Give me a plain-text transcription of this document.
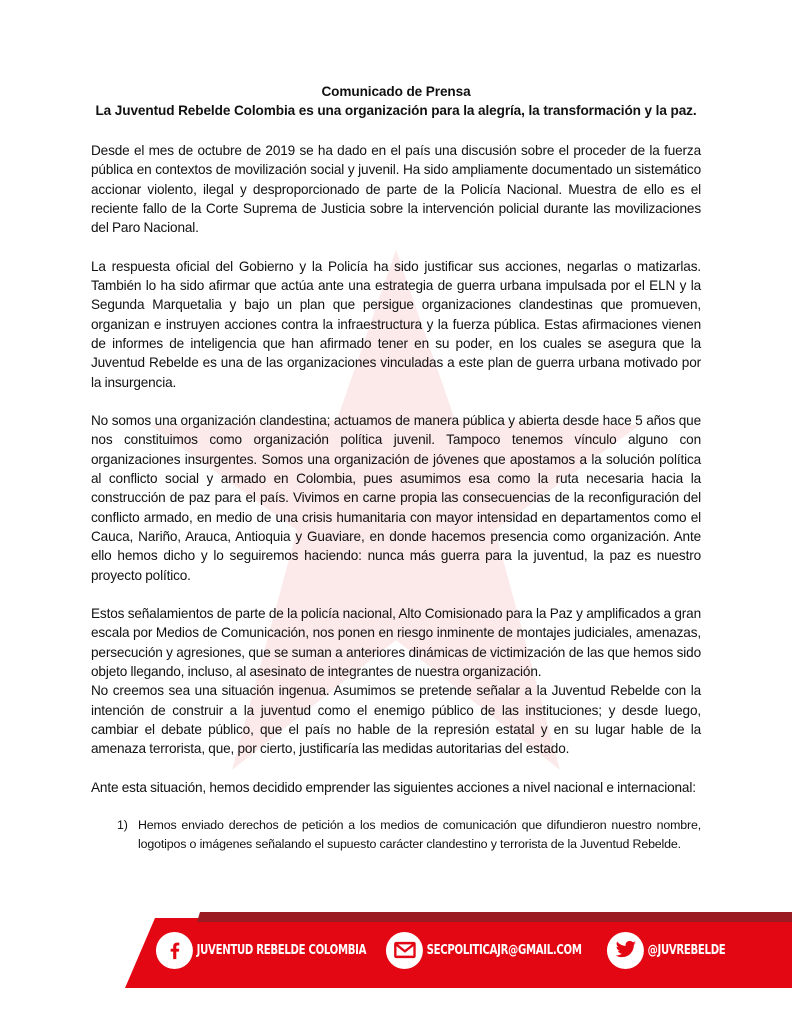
Comunicado de Prensa
La Juventud Rebelde Colombia es una organización para la alegría, la transformación y la paz.

Desde el mes de octubre de 2019 se ha dado en el país una discusión sobre el proceder de la fuerza pública en contextos de movilización social y juvenil. Ha sido ampliamente documentado un sistemático accionar violento, ilegal y desproporcionado de parte de la Policía Nacional. Muestra de ello es el reciente fallo de la Corte Suprema de Justicia sobre la intervención policial durante las movilizaciones del Paro Nacional.

La respuesta oficial del Gobierno y la Policía ha sido justificar sus acciones, negarlas o matizarlas. También lo ha sido afirmar que actúa ante una estrategia de guerra urbana impulsada por el ELN y la Segunda Marquetalia y bajo un plan que persigue organizaciones clandestinas que promueven, organizan e instruyen acciones contra la infraestructura y la fuerza pública. Estas afirmaciones vienen de informes de inteligencia que han afirmado tener en su poder, en los cuales se asegura que la Juventud Rebelde es una de las organizaciones vinculadas a este plan de guerra urbana motivado por la insurgencia.

No somos una organización clandestina; actuamos de manera pública y abierta desde hace 5 años que nos constituimos como organización política juvenil. Tampoco tenemos vínculo alguno con organizaciones insurgentes. Somos una organización de jóvenes que apostamos a la solución política al conflicto social y armado en Colombia, pues asumimos esa como la ruta necesaria hacia la construcción de paz para el país. Vivimos en carne propia las consecuencias de la reconfiguración del conflicto armado, en medio de una crisis humanitaria con mayor intensidad en departamentos como el Cauca, Nariño, Arauca, Antioquia y Guaviare, en donde hacemos presencia como organización. Ante ello hemos dicho y lo seguiremos haciendo: nunca más guerra para la juventud, la paz es nuestro proyecto político.

Estos señalamientos de parte de la policía nacional, Alto Comisionado para la Paz y amplificados a gran escala por Medios de Comunicación, nos ponen en riesgo inminente de montajes judiciales, amenazas, persecución y agresiones, que se suman a anteriores dinámicas de victimización de las que hemos sido objeto llegando, incluso, al asesinato de integrantes de nuestra organización.

No creemos sea una situación ingenua. Asumimos se pretende señalar a la Juventud Rebelde con la intención de construir a la juventud como el enemigo público de las instituciones; y desde luego, cambiar el debate público, que el país no hable de la represión estatal y en su lugar hable de la amenaza terrorista, que, por cierto, justificaría las medidas autoritarias del estado.

Ante esta situación, hemos decidido emprender las siguientes acciones a nivel nacional e internacional:

1) Hemos enviado derechos de petición a los medios de comunicación que difundieron nuestro nombre, logotipos o imágenes señalando el supuesto carácter clandestino y terrorista de la Juventud Rebelde.
JUVENTUD REBELDE COLOMBIA	SECPOLITICAJR@GMAIL.COM	@JUVREBELDE
